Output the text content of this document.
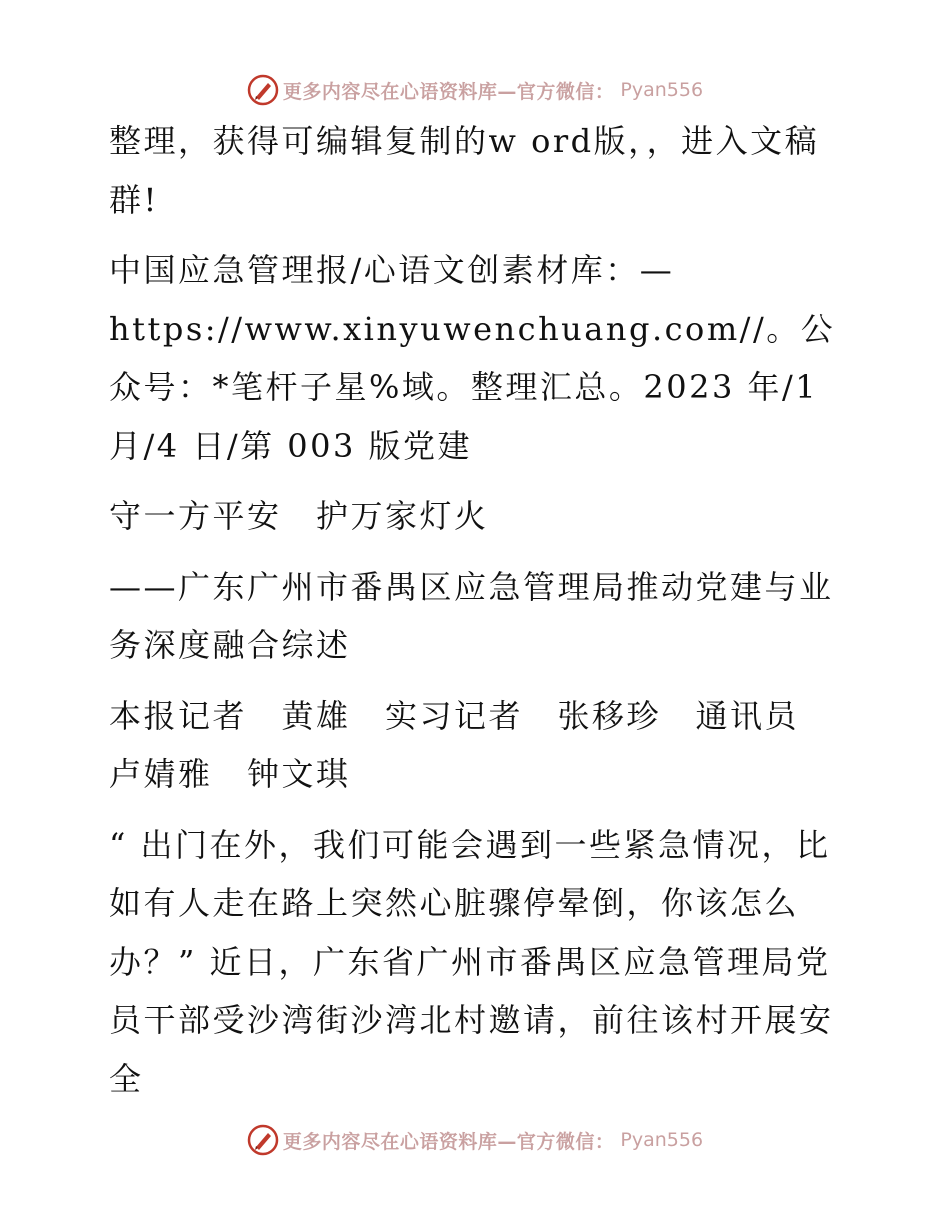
更多内容尽在心语资料库—官方微信： Pyan556

整理，获得可编辑复制的w ord版，，进入文稿群!

中国应急管理报/心语文创素材库：—https://www.xinyuwenchuang.com//。公众号：*笔杆子星%域。整理汇总。2023 年/1 月/4 日/第 003 版党建

守一方平安　护万家灯火

——广东广州市番禺区应急管理局推动党建与业务深度融合综述

本报记者　黄雄　实习记者　张移珍　通讯员　卢婧雅　钟文琪

“ 出门在外，我们可能会遇到一些紧急情况，比如有人走在路上突然心脏骤停晕倒，你该怎么办？” 近日，广东省广州市番禺区应急管理局党员干部受沙湾街沙湾北村邀请，前往该村开展安全

更多内容尽在心语资料库—官方微信： Pyan556
